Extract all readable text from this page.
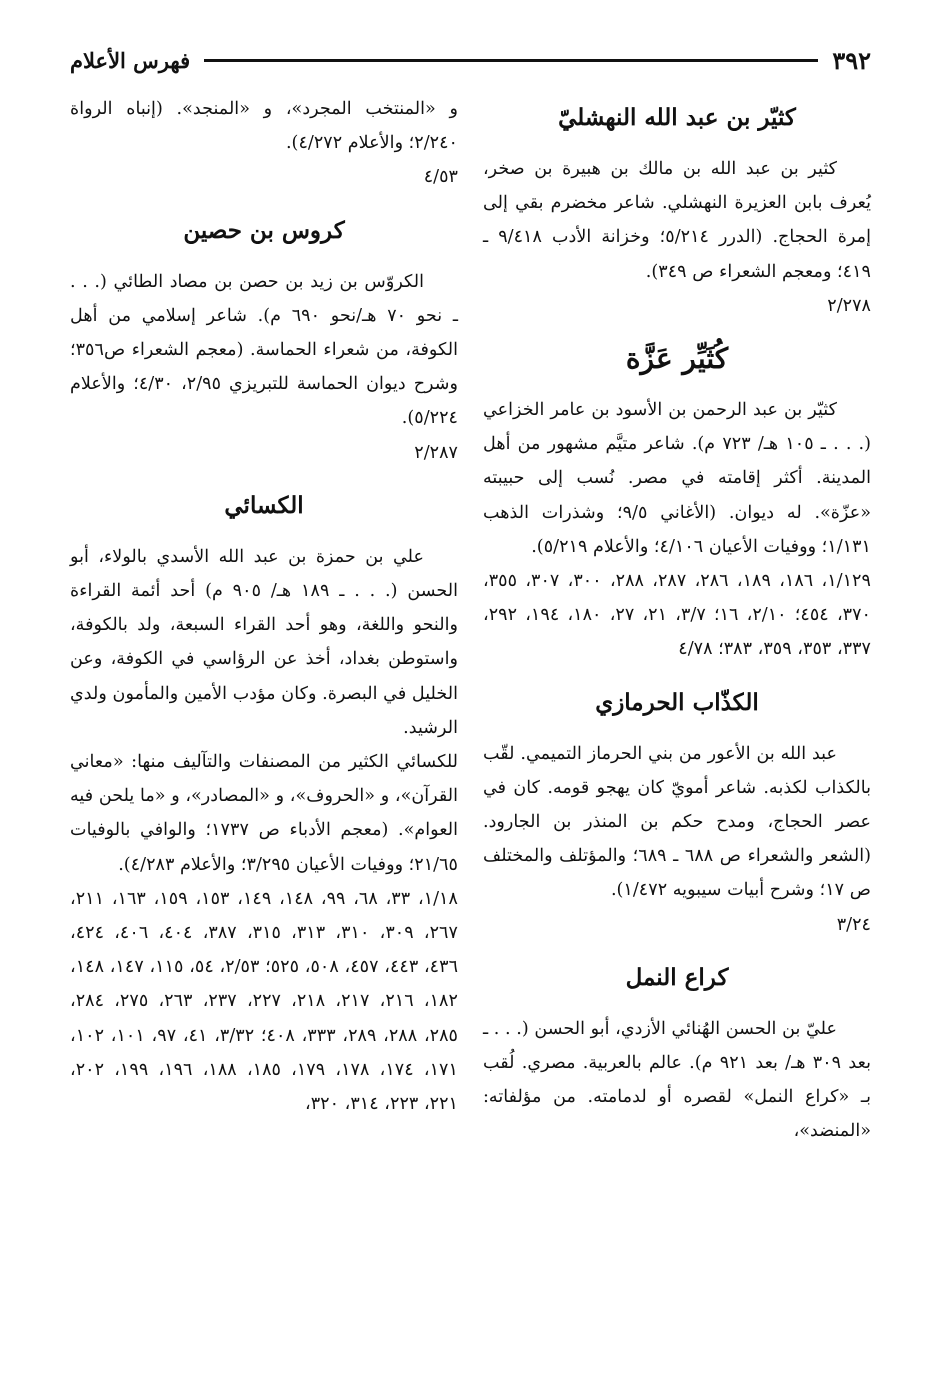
٣٩٢
فهرس الأعلام
كثيّر بن عبد الله النهشليّ

كثير بن عبد الله بن مالك بن هبيرة بن صخر، يُعرف بابن العزيرة النهشلي. شاعر مخضرم بقي إلى إمرة الحجاج. (الدرر ٥/٢١٤؛ وخزانة الأدب ٩/٤١٨ ـ ٤١٩؛ ومعجم الشعراء ص ٣٤٩).

٢/٢٧٨

كُثَيِّر عَزَّة

كثيّر بن عبد الرحمن بن الأسود بن عامر الخزاعي (. . . ـ ١٠٥ هـ/ ٧٢٣ م). شاعر متيَّم مشهور من أهل المدينة. أكثر إقامته في مصر. نُسب إلى حبيبته «عزّة». له ديوان. (الأغاني ٩/٥؛ وشذرات الذهب ١/١٣١؛ ووفيات الأعيان ٤/١٠٦؛ والأعلام ٥/٢١٩).

١/١٢٩، ١٨٦، ١٨٩، ٢٨٦، ٢٨٧، ٢٨٨، ٣٠٠، ٣٠٧، ٣٥٥، ٣٧٠، ٤٥٤؛ ٢/١٠، ١٦؛ ٣/٧، ٢١، ٢٧، ١٨٠، ١٩٤، ٢٩٢، ٣٣٧، ٣٥٣، ٣٥٩، ٣٨٣؛ ٤/٧٨

الكذّاب الحرمازي

عبد الله بن الأعور من بني الحرماز التميمي. لقّب بالكذاب لكذبه. شاعر أمويّ كان يهجو قومه. كان في عصر الحجاج، ومدح حكم بن المنذر بن الجارود. (الشعر والشعراء ص ٦٨٨ ـ ٦٨٩؛ والمؤتلف والمختلف ص ١٧؛ وشرح أبيات سيبويه ١/٤٧٢).

٣/٢٤

كراع النمل

عليّ بن الحسن الهُنائي الأزدي، أبو الحسن (. . . ـ بعد ٣٠٩ هـ/ بعد ٩٢١ م). عالم بالعربية. مصري. لُقب بـ «كراع النمل» لقصره أو لدمامته. من مؤلفاته: «المنضد»،

و «المنتخب المجرد»، و «المنجد». (إنباه الرواة ٢/٢٤٠؛ والأعلام ٤/٢٧٢).

٤/٥٣

كروس بن حصين

الكروّس بن زيد بن حصن بن مصاد الطائي (. . . ـ نحو ٧٠ هـ/نحو ٦٩٠ م). شاعر إسلامي من أهل الكوفة، من شعراء الحماسة. (معجم الشعراء ص٣٥٦؛ وشرح ديوان الحماسة للتبريزي ٢/٩٥، ٤/٣٠؛ والأعلام ٥/٢٢٤).

٢/٢٨٧

الكسائي

علي بن حمزة بن عبد الله الأسدي بالولاء، أبو الحسن (. . . ـ ١٨٩ هـ/ ٩٠٥ م) أحد أئمة القراءة والنحو واللغة، وهو أحد القراء السبعة، ولد بالكوفة، واستوطن بغداد، أخذ عن الرؤاسي في الكوفة، وعن الخليل في البصرة. وكان مؤدب الأمين والمأمون ولدي الرشيد.

للكسائي الكثير من المصنفات والتآليف منها: «معاني القرآن»، و «الحروف»، و «المصادر»، و «ما يلحن فيه العوام». (معجم الأدباء ص ١٧٣٧؛ والوافي بالوفيات ٢١/٦٥؛ ووفيات الأعيان ٣/٢٩٥؛ والأعلام ٤/٢٨٣).

١/١٨، ٣٣، ٦٨، ٩٩، ١٤٨، ١٤٩، ١٥٣، ١٥٩، ١٦٣، ٢١١، ٢٦٧، ٣٠٩، ٣١٠، ٣١٣، ٣١٥، ٣٨٧، ٤٠٤، ٤٠٦، ٤٢٤، ٤٣٦، ٤٤٣، ٤٥٧، ٥٠٨، ٥٢٥؛ ٢/٥٣، ٥٤، ١١٥، ١٤٧، ١٤٨، ١٨٢، ٢١٦، ٢١٧، ٢١٨، ٢٢٧، ٢٣٧، ٢٦٣، ٢٧٥، ٢٨٤، ٢٨٥، ٢٨٨، ٢٨٩، ٣٣٣، ٤٠٨؛ ٣/٣٢، ٤١، ٩٧، ١٠١، ١٠٢، ١٧١، ١٧٤، ١٧٨، ١٧٩، ١٨٥، ١٨٨، ١٩٦، ١٩٩، ٢٠٢، ٢٢١، ٢٢٣، ٣١٤، ٣٢٠،
